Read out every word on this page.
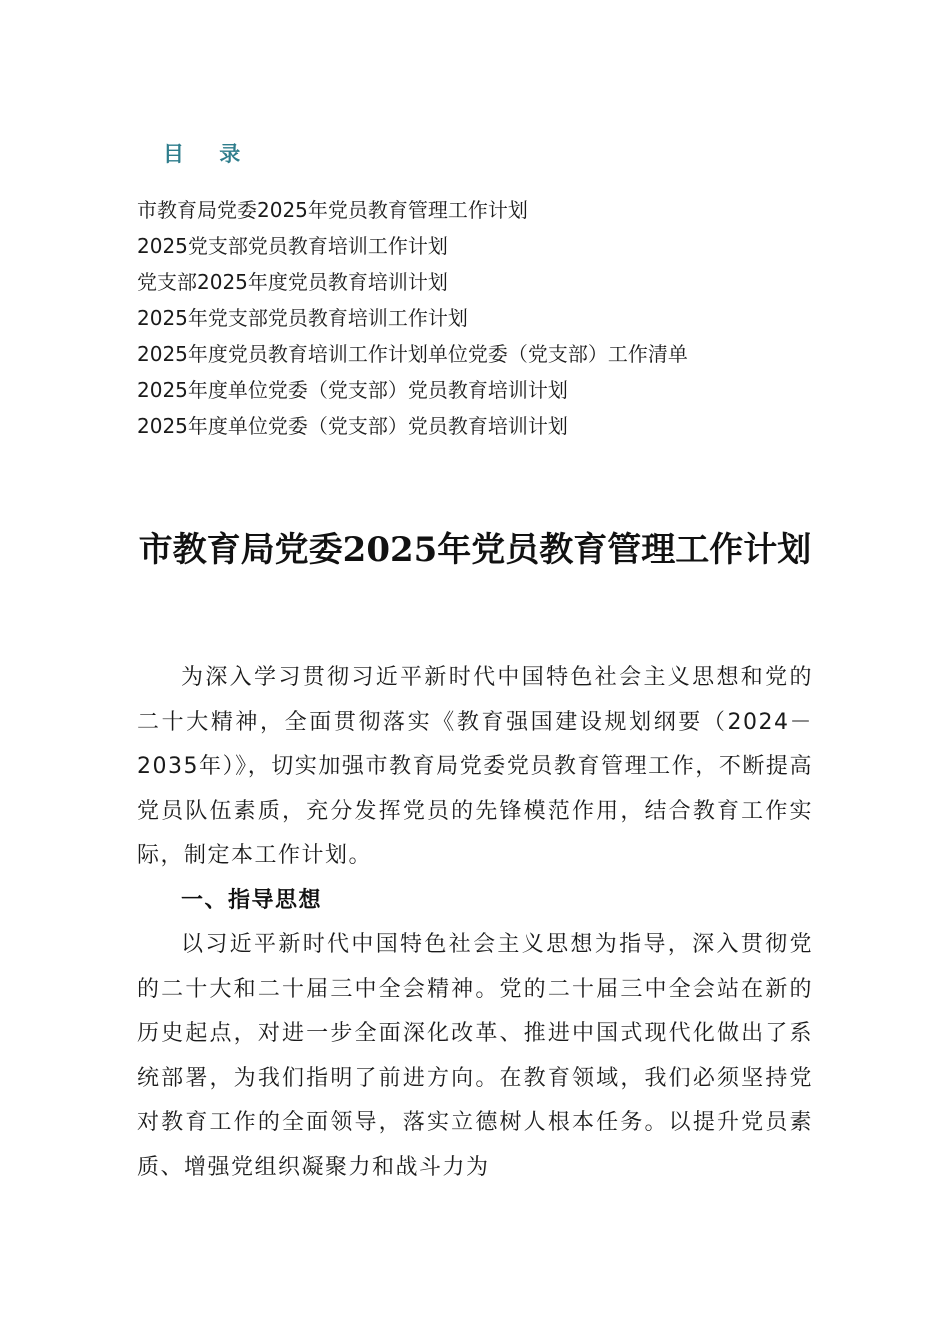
目 录
市教育局党委2025年党员教育管理工作计划
2025党支部党员教育培训工作计划
党支部2025年度党员教育培训计划
2025年党支部党员教育培训工作计划
2025年度党员教育培训工作计划单位党委（党支部）工作清单
2025年度单位党委（党支部）党员教育培训计划
2025年度单位党委（党支部）党员教育培训计划
市教育局党委2025年党员教育管理工作计划

为深入学习贯彻习近平新时代中国特色社会主义思想和党的二十大精神，全面贯彻落实《教育强国建设规划纲要（2024－2035年）》，切实加强市教育局党委党员教育管理工作，不断提高党员队伍素质，充分发挥党员的先锋模范作用，结合教育工作实际，制定本工作计划。

一、指导思想

以习近平新时代中国特色社会主义思想为指导，深入贯彻党的二十大和二十届三中全会精神。党的二十届三中全会站在新的历史起点，对进一步全面深化改革、推进中国式现代化做出了系统部署，为我们指明了前进方向。在教育领域，我们必须坚持党对教育工作的全面领导，落实立德树人根本任务。以提升党员素质、增强党组织凝聚力和战斗力为
